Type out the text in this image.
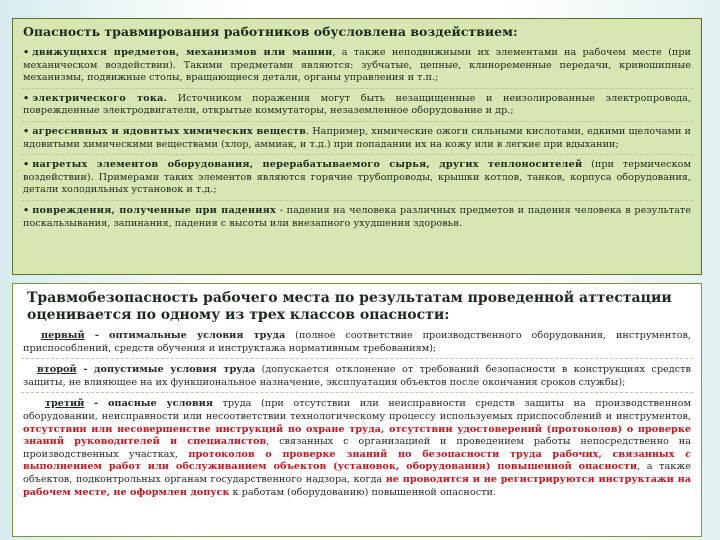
Опасность травмирования работников обусловлена воздействием:
• движущихся предметов, механизмов или машин, а также неподвижными их элементами на рабочем месте (при механическом воздействии). Такими предметами являются: зубчатые, цепные, клиноременные передачи, кривошипные механизмы, подвижные столы, вращающиеся детали, органы управления и т.п.;
• электрического тока. Источником поражения могут быть незащищенные и неизолированные электропровода, поврежденные электродвигатели, открытые коммутаторы, незаземленное оборудование и др.;
• агрессивных и ядовитых химических веществ. Например, химические ожоги сильными кислотами, едкими щелочами и ядовитыми химическими веществами (хлор, аммиак, и т.д.) при попадании их на кожу или в легкие при вдыхании;
• нагретых элементов оборудования, перерабатываемого сырья, других теплоносителей (при термическом воздействии). Примерами таких элементов являются горячие трубопроводы, крышки котлов, танков, корпуса оборудования, детали холодильных установок и т.д.;
• повреждения, полученные при падениях - падения на человека различных предметов и падения человека в результате поскальзывания, запинания, падения с высоты или внезапного ухудшения здоровья.
Травмобезопасность рабочего места по результатам проведенной аттестации оценивается по одному из трех классов опасности:
первый - оптимальные условия труда (полное соответствие производственного оборудования, инструментов, приспособлений, средств обучения и инструктажа нормативным требованиям);
второй - допустимые условия труда (допускается отклонение от требований безопасности в конструкциях средств защиты, не влияющее на их функциональное назначение, эксплуатация объектов после окончания сроков службы);
третий - опасные условия труда (при отсутствии или неисправности средств защиты на производственном оборудовании, неисправности или несоответствии технологическому процессу используемых приспособлений и инструментов, отсутствии или несовершенстве инструкций по охране труда, отсутствии удостоверений (протоколов) о проверке знаний руководителей и специалистов, связанных с организацией и проведением работы непосредственно на производственных участках, протоколов о проверке знаний по безопасности труда рабочих, связанных с выполнением работ или обслуживанием объектов (установок, оборудования) повышенной опасности, а также объектов, подконтрольных органам государственного надзора, когда не проводится и не регистрируются инструктажи на рабочем месте, не оформлен допуск к работам (оборудованию) повышенной опасности.
